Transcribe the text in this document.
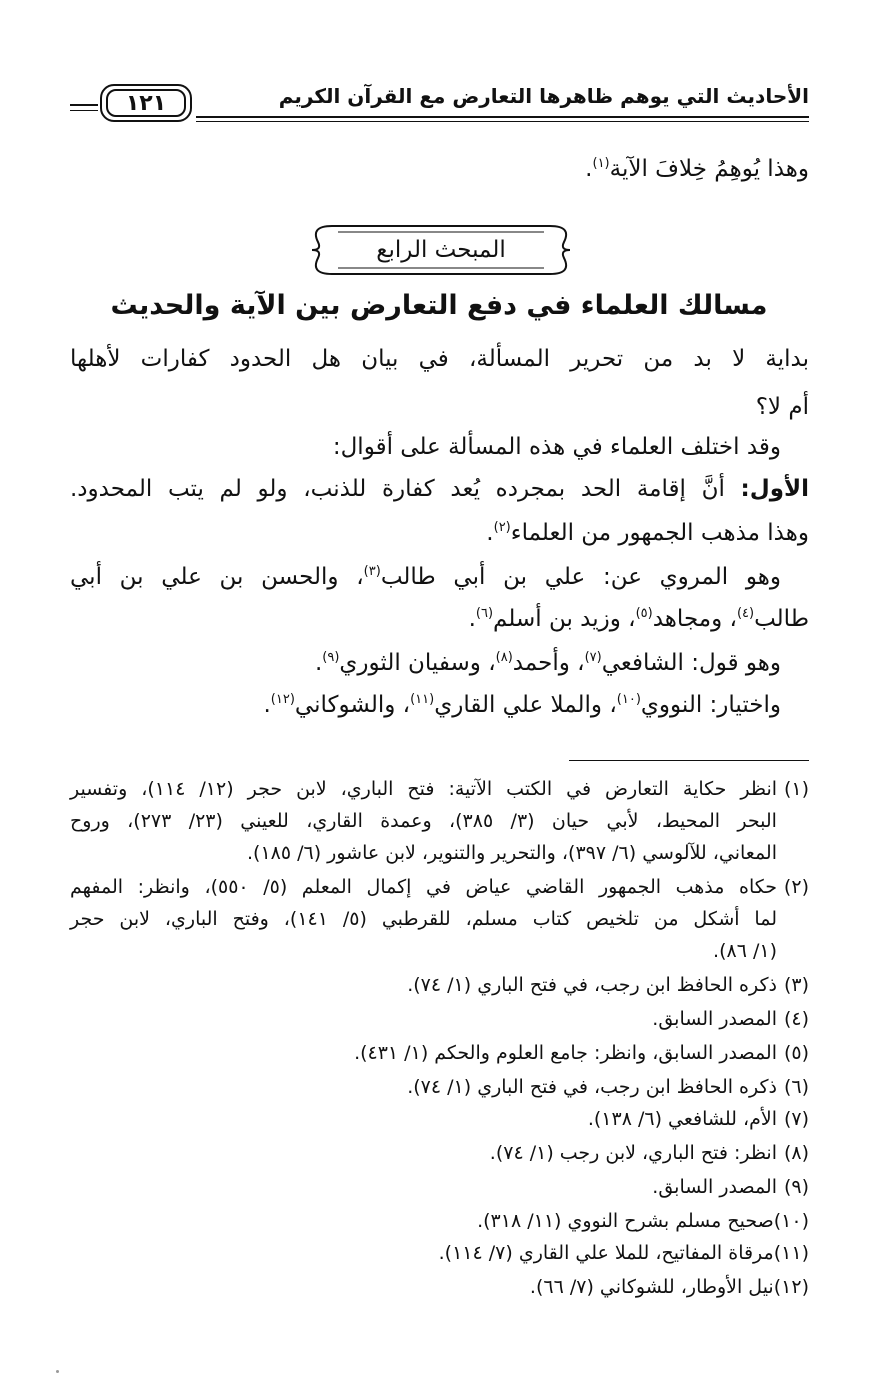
الأحاديث التي يوهم ظاهرها التعارض مع القرآن الكريم
١٢١
وهذا يُوهِمُ خِلافَ الآية$^{(١)}$.
المبحث الرابع
مسالك العلماء في دفع التعارض بين الآية والحديث
بداية لا بد من تحرير المسألة، في بيان هل الحدود كفارات لأهلها
أم لا؟
وقد اختلف العلماء في هذه المسألة على أقوال:
الأول: أنَّ إقامة الحد بمجرده يُعد كفارة للذنب، ولو لم يتب المحدود.
وهذا مذهب الجمهور من العلماء$^{(٢)}$.
وهو المروي عن: علي بن أبي طالب$^{(٣)}$، والحسن بن علي بن أبي
طالب$^{(٤)}$، ومجاهد$^{(٥)}$، وزيد بن أسلم$^{(٦)}$.
وهو قول: الشافعي$^{(٧)}$، وأحمد$^{(٨)}$، وسفيان الثوري$^{(٩)}$.
واختيار: النووي$^{(١٠)}$، والملا علي القاري$^{(١١)}$، والشوكاني$^{(١٢)}$.
(١)انظر حكاية التعارض في الكتب الآتية: فتح الباري، لابن حجر (١٢/ ١١٤)، وتفسير
البحر المحيط، لأبي حيان (٣/ ٣٨٥)، وعمدة القاري، للعيني (٢٣/ ٢٧٣)، وروح
المعاني، للآلوسي (٦/ ٣٩٧)، والتحرير والتنوير، لابن عاشور (٦/ ١٨٥).
(٢)حكاه مذهب الجمهور القاضي عياض في إكمال المعلم (٥/ ٥٥٠)، وانظر: المفهم
لما أشكل من تلخيص كتاب مسلم، للقرطبي (٥/ ١٤١)، وفتح الباري، لابن حجر
(١/ ٨٦).
(٣)ذكره الحافظ ابن رجب، في فتح الباري (١/ ٧٤).
(٤)المصدر السابق.
(٥)المصدر السابق، وانظر: جامع العلوم والحكم (١/ ٤٣١).
(٦)ذكره الحافظ ابن رجب، في فتح الباري (١/ ٧٤).
(٧)الأم، للشافعي (٦/ ١٣٨).
(٨)انظر: فتح الباري، لابن رجب (١/ ٧٤).
(٩)المصدر السابق.
(١٠)صحيح مسلم بشرح النووي (١١/ ٣١٨).
(١١)مرقاة المفاتيح، للملا علي القاري (٧/ ١١٤).
(١٢)نيل الأوطار، للشوكاني (٧/ ٦٦).
